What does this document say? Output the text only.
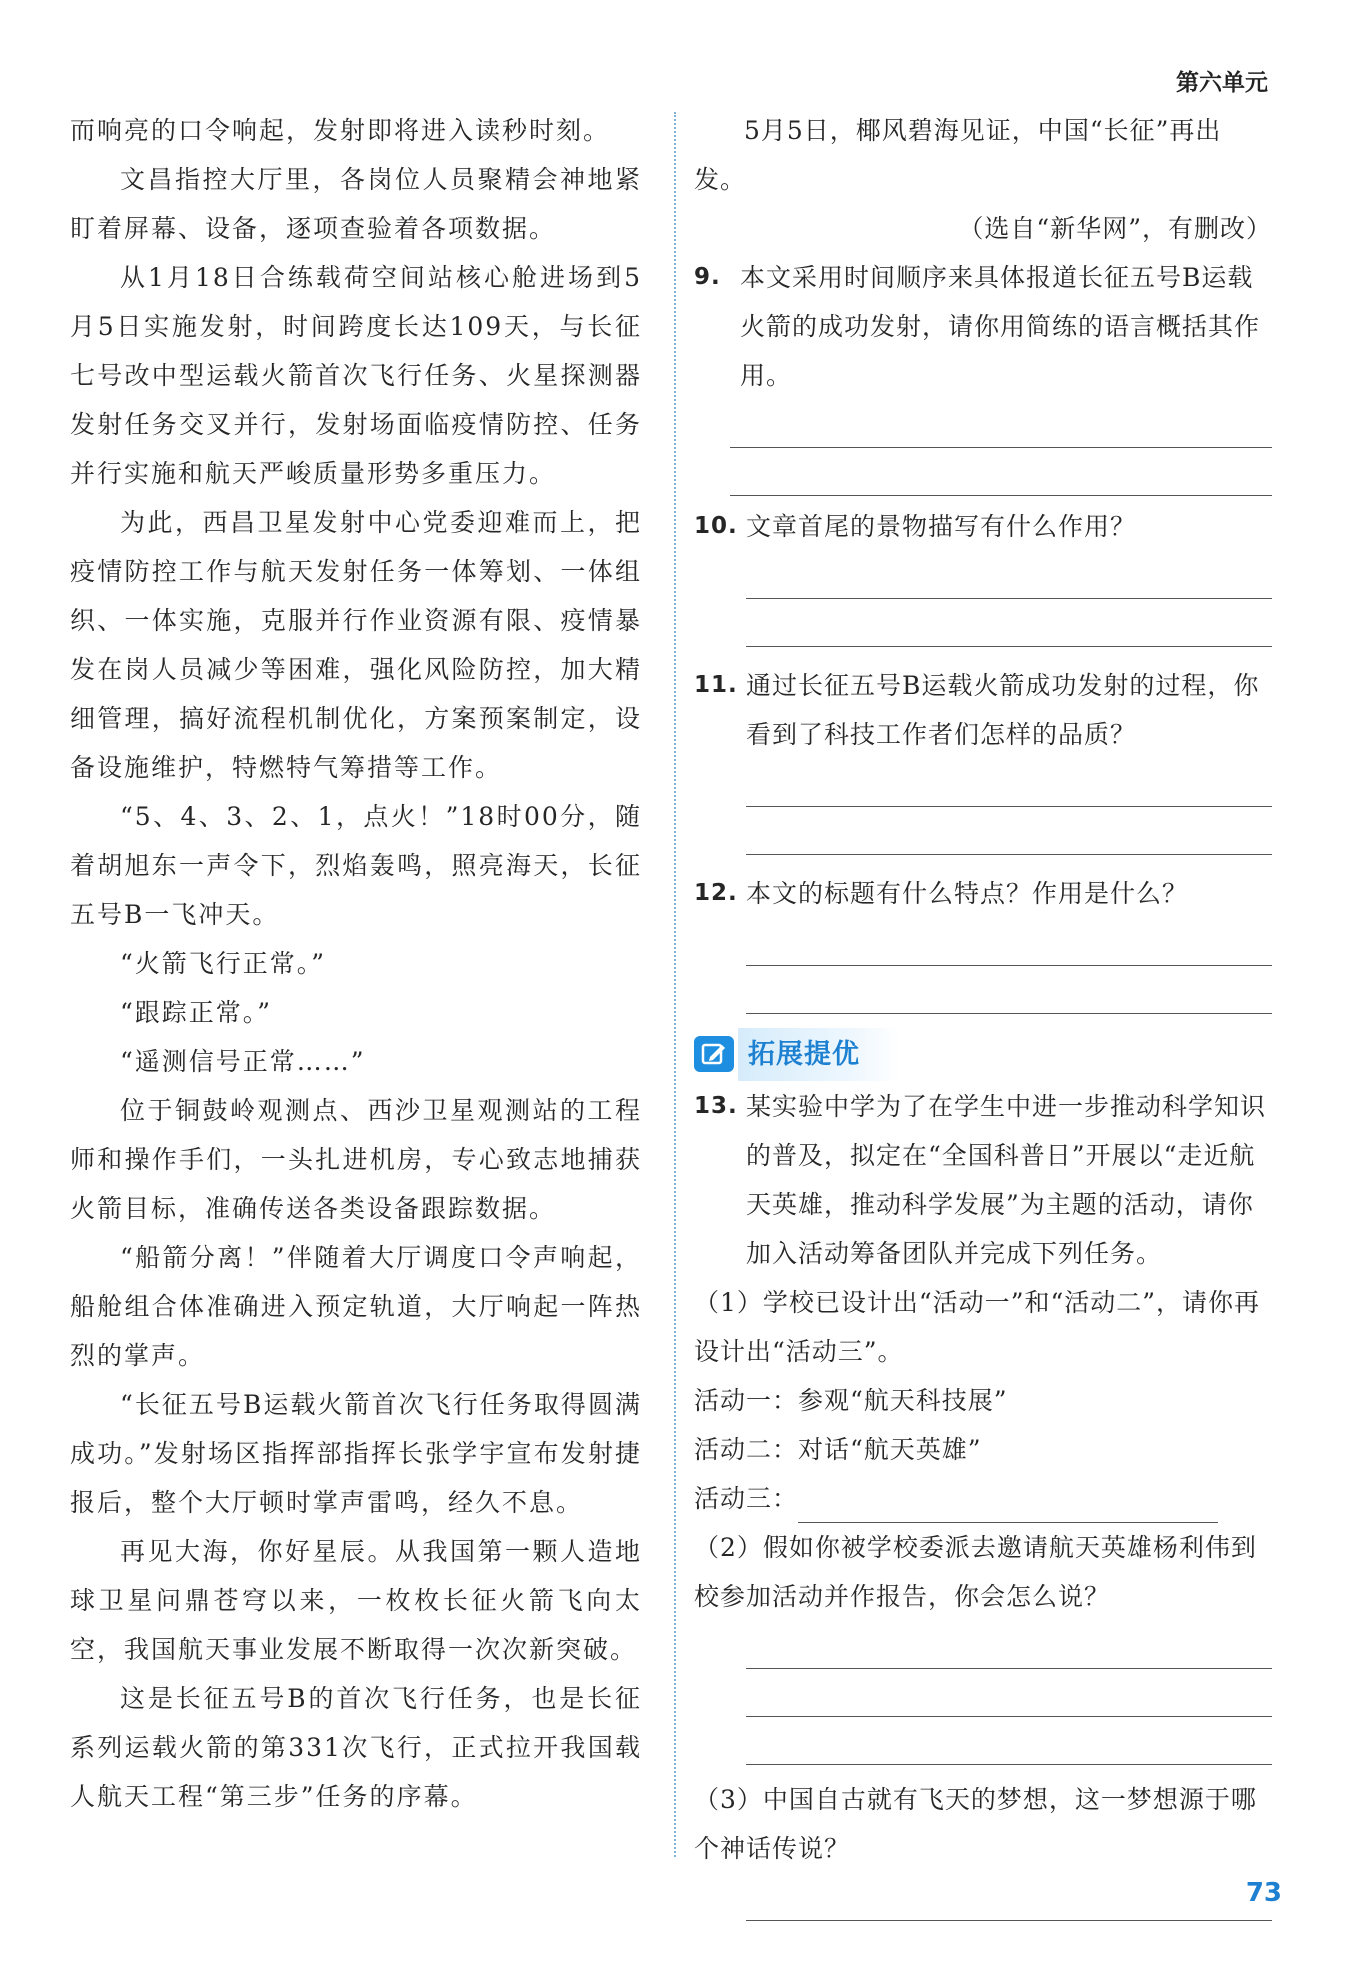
第六单元

而响亮的口令响起，发射即将进入读秒时刻。

文昌指控大厅里，各岗位人员聚精会神地紧盯着屏幕、设备，逐项查验着各项数据。

从1月18日合练载荷空间站核心舱进场到5月5日实施发射，时间跨度长达109天，与长征七号改中型运载火箭首次飞行任务、火星探测器发射任务交叉并行，发射场面临疫情防控、任务并行实施和航天严峻质量形势多重压力。

为此，西昌卫星发射中心党委迎难而上，把疫情防控工作与航天发射任务一体筹划、一体组织、一体实施，克服并行作业资源有限、疫情暴发在岗人员减少等困难，强化风险防控，加大精细管理，搞好流程机制优化，方案预案制定，设备设施维护，特燃特气筹措等工作。

“5、4、3、2、1，点火！”18时00分，随着胡旭东一声令下，烈焰轰鸣，照亮海天，长征五号B一飞冲天。

“火箭飞行正常。”

“跟踪正常。”

“遥测信号正常……”

位于铜鼓岭观测点、西沙卫星观测站的工程师和操作手们，一头扎进机房，专心致志地捕获火箭目标，准确传送各类设备跟踪数据。

“船箭分离！”伴随着大厅调度口令声响起，船舱组合体准确进入预定轨道，大厅响起一阵热烈的掌声。

“长征五号B运载火箭首次飞行任务取得圆满成功。”发射场区指挥部指挥长张学宇宣布发射捷报后，整个大厅顿时掌声雷鸣，经久不息。

再见大海，你好星辰。从我国第一颗人造地球卫星问鼎苍穹以来，一枚枚长征火箭飞向太空，我国航天事业发展不断取得一次次新突破。

这是长征五号B的首次飞行任务，也是长征系列运载火箭的第331次飞行，正式拉开我国载人航天工程“第三步”任务的序幕。

5月5日，椰风碧海见证，中国“长征”再出发。

（选自“新华网”，有删改）

9. 本文采用时间顺序来具体报道长征五号B运载火箭的成功发射，请你用简练的语言概括其作用。
10. 文章首尾的景物描写有什么作用？
11. 通过长征五号B运载火箭成功发射的过程，你看到了科技工作者们怎样的品质？
12. 本文的标题有什么特点？作用是什么？
拓展提优
13. 某实验中学为了在学生中进一步推动科学知识的普及，拟定在“全国科普日”开展以“走近航天英雄，推动科学发展”为主题的活动，请你加入活动筹备团队并完成下列任务。

（1）学校已设计出“活动一”和“活动二”，请你再设计出“活动三”。

活动一：参观“航天科技展”

活动二：对话“航天英雄”

活动三：

（2）假如你被学校委派去邀请航天英雄杨利伟到校参加活动并作报告，你会怎么说？

（3）中国自古就有飞天的梦想，这一梦想源于哪个神话传说？

73
